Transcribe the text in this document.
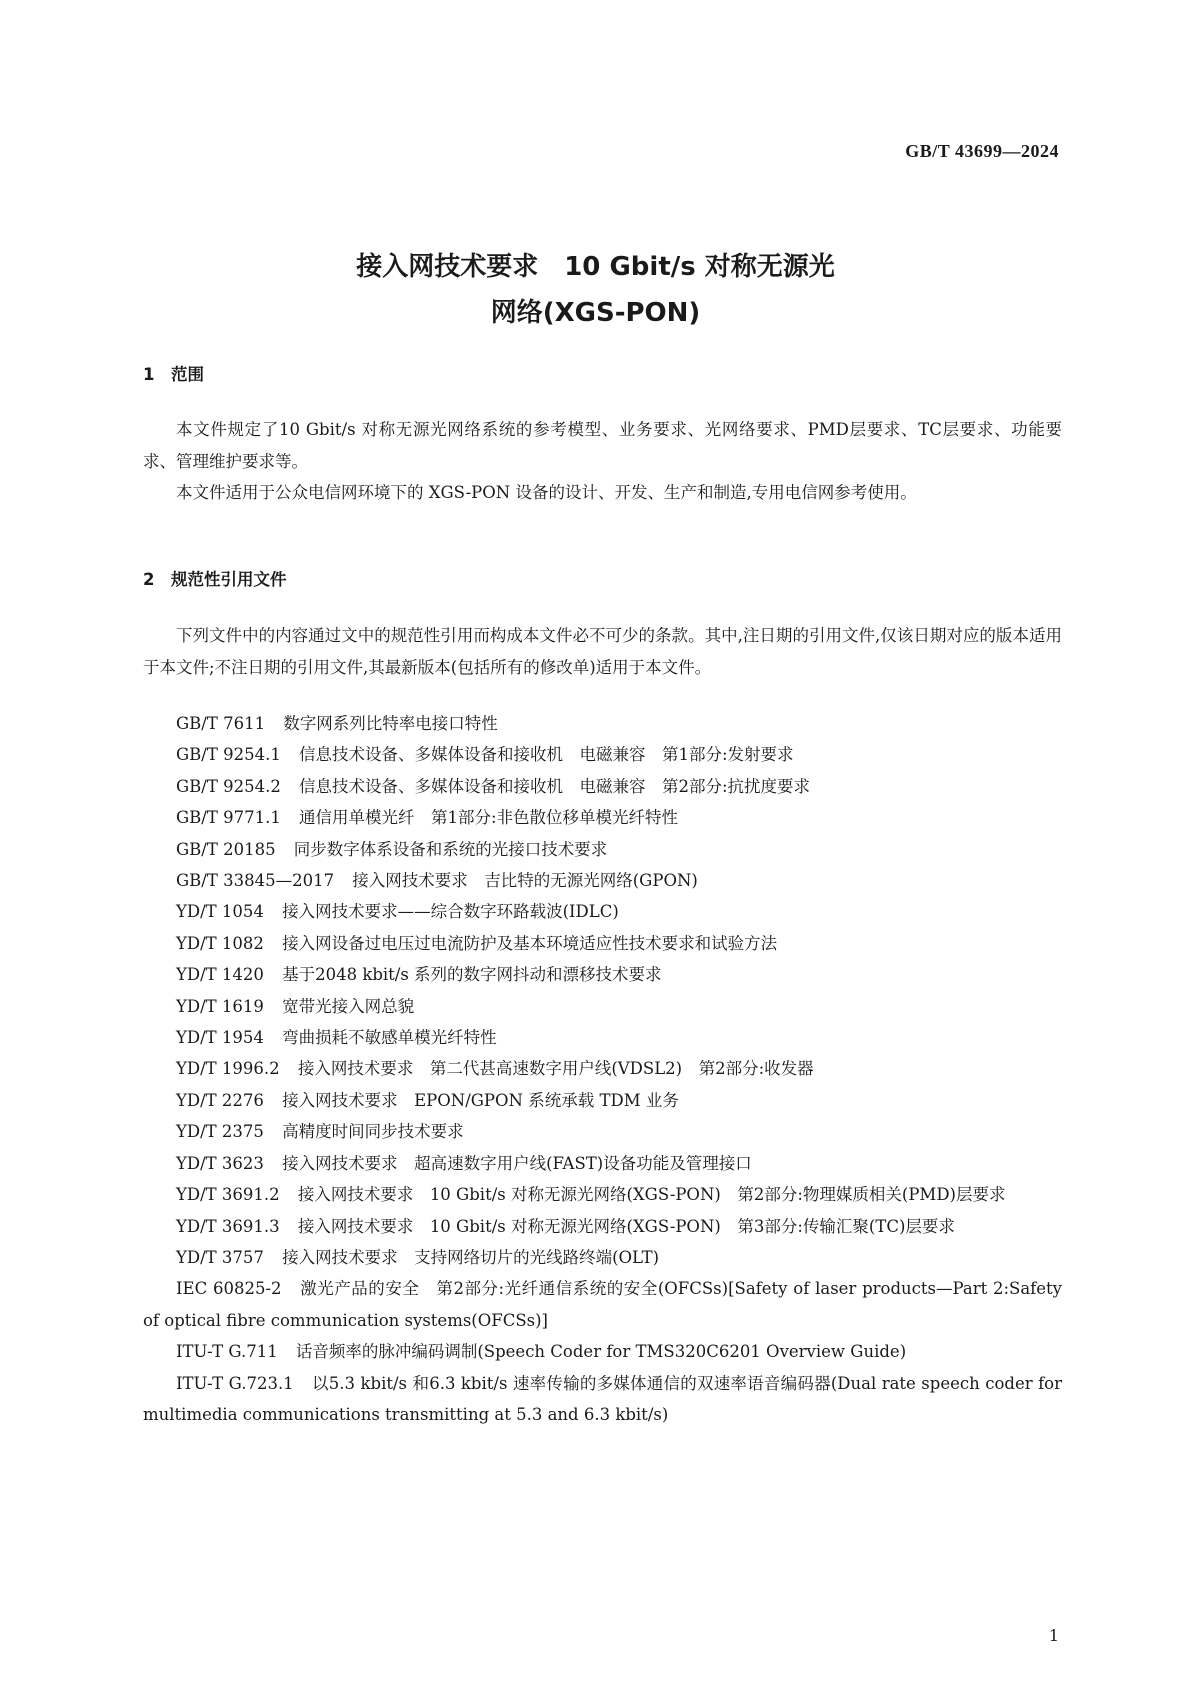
GB/T 43699—2024
接入网技术要求　10 Gbit/s 对称无源光
网络(XGS-PON)
1　范围

本文件规定了10 Gbit/s 对称无源光网络系统的参考模型、业务要求、光网络要求、PMD层要求、TC层要求、功能要求、管理维护要求等。

本文件适用于公众电信网环境下的 XGS-PON 设备的设计、开发、生产和制造,专用电信网参考使用。

2　规范性引用文件
下列文件中的内容通过文中的规范性引用而构成本文件必不可少的条款。其中,注日期的引用文件,仅该日期对应的版本适用于本文件;不注日期的引用文件,其最新版本(包括所有的修改单)适用于本文件。
GB/T 7611 数字网系列比特率电接口特性
GB/T 9254.1 信息技术设备、多媒体设备和接收机　电磁兼容　第1部分:发射要求
GB/T 9254.2 信息技术设备、多媒体设备和接收机　电磁兼容　第2部分:抗扰度要求
GB/T 9771.1 通信用单模光纤　第1部分:非色散位移单模光纤特性
GB/T 20185 同步数字体系设备和系统的光接口技术要求
GB/T 33845—2017 接入网技术要求　吉比特的无源光网络(GPON)
YD/T 1054 接入网技术要求——综合数字环路载波(IDLC)
YD/T 1082 接入网设备过电压过电流防护及基本环境适应性技术要求和试验方法
YD/T 1420 基于2048 kbit/s 系列的数字网抖动和漂移技术要求
YD/T 1619 宽带光接入网总貌
YD/T 1954 弯曲损耗不敏感单模光纤特性
YD/T 1996.2 接入网技术要求　第二代甚高速数字用户线(VDSL2)　第2部分:收发器
YD/T 2276 接入网技术要求　EPON/GPON 系统承载 TDM 业务
YD/T 2375 高精度时间同步技术要求
YD/T 3623 接入网技术要求　超高速数字用户线(FAST)设备功能及管理接口
YD/T 3691.2 接入网技术要求　10 Gbit/s 对称无源光网络(XGS-PON)　第2部分:物理媒质相关(PMD)层要求
YD/T 3691.3 接入网技术要求　10 Gbit/s 对称无源光网络(XGS-PON)　第3部分:传输汇聚(TC)层要求
YD/T 3757 接入网技术要求　支持网络切片的光线路终端(OLT)
IEC 60825-2 激光产品的安全　第2部分:光纤通信系统的安全(OFCSs)[Safety of laser products—Part 2:Safety of optical fibre communication systems(OFCSs)]
ITU-T G.711 话音频率的脉冲编码调制(Speech Coder for TMS320C6201 Overview Guide)
ITU-T G.723.1 以5.3 kbit/s 和6.3 kbit/s 速率传输的多媒体通信的双速率语音编码器(Dual rate speech coder for multimedia communications transmitting at 5.3 and 6.3 kbit/s)
1
